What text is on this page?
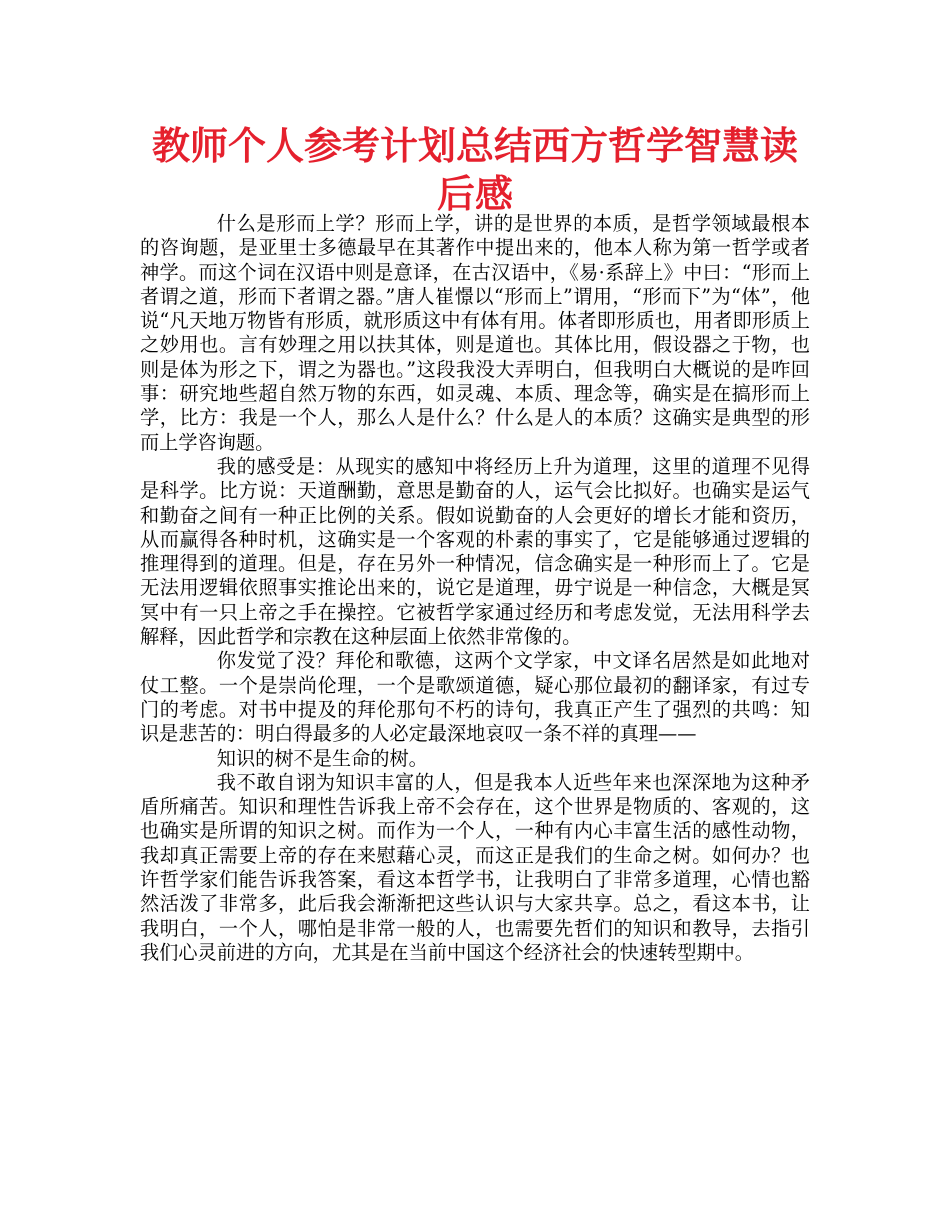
教师个人参考计划总结西方哲学智慧读后感

什么是形而上学？形而上学，讲的是世界的本质，是哲学领域最根本的咨询题，是亚里士多德最早在其著作中提出来的，他本人称为第一哲学或者神学。而这个词在汉语中则是意译，在古汉语中，《易·系辞上》中曰：“形而上者谓之道，形而下者谓之器。”唐人崔憬以“形而上”谓用，“形而下”为“体”，他说“凡天地万物皆有形质，就形质这中有体有用。体者即形质也，用者即形质上之妙用也。言有妙理之用以扶其体，则是道也。其体比用，假设器之于物，也则是体为形之下，谓之为器也。”这段我没大弄明白，但我明白大概说的是咋回事：研究地些超自然万物的东西，如灵魂、本质、理念等，确实是在搞形而上学，比方：我是一个人，那么人是什么？什么是人的本质？这确实是典型的形而上学咨询题。

我的感受是：从现实的感知中将经历上升为道理，这里的道理不见得是科学。比方说：天道酬勤，意思是勤奋的人，运气会比拟好。也确实是运气和勤奋之间有一种正比例的关系。假如说勤奋的人会更好的增长才能和资历，从而赢得各种时机，这确实是一个客观的朴素的事实了，它是能够通过逻辑的推理得到的道理。但是，存在另外一种情况，信念确实是一种形而上了。它是无法用逻辑依照事实推论出来的，说它是道理，毋宁说是一种信念，大概是冥冥中有一只上帝之手在操控。它被哲学家通过经历和考虑发觉，无法用科学去解释，因此哲学和宗教在这种层面上依然非常像的。

你发觉了没？拜伦和歌德，这两个文学家，中文译名居然是如此地对仗工整。一个是崇尚伦理，一个是歌颂道德，疑心那位最初的翻译家，有过专门的考虑。对书中提及的拜伦那句不朽的诗句，我真正产生了强烈的共鸣：知识是悲苦的：明白得最多的人必定最深地哀叹一条不祥的真理——

知识的树不是生命的树。

我不敢自诩为知识丰富的人，但是我本人近些年来也深深地为这种矛盾所痛苦。知识和理性告诉我上帝不会存在，这个世界是物质的、客观的，这也确实是所谓的知识之树。而作为一个人，一种有内心丰富生活的感性动物，我却真正需要上帝的存在来慰藉心灵，而这正是我们的生命之树。如何办？也许哲学家们能告诉我答案，看这本哲学书，让我明白了非常多道理，心情也豁然活泼了非常多，此后我会渐渐把这些认识与大家共享。总之，看这本书，让我明白，一个人，哪怕是非常一般的人，也需要先哲们的知识和教导，去指引我们心灵前进的方向，尤其是在当前中国这个经济社会的快速转型期中。
